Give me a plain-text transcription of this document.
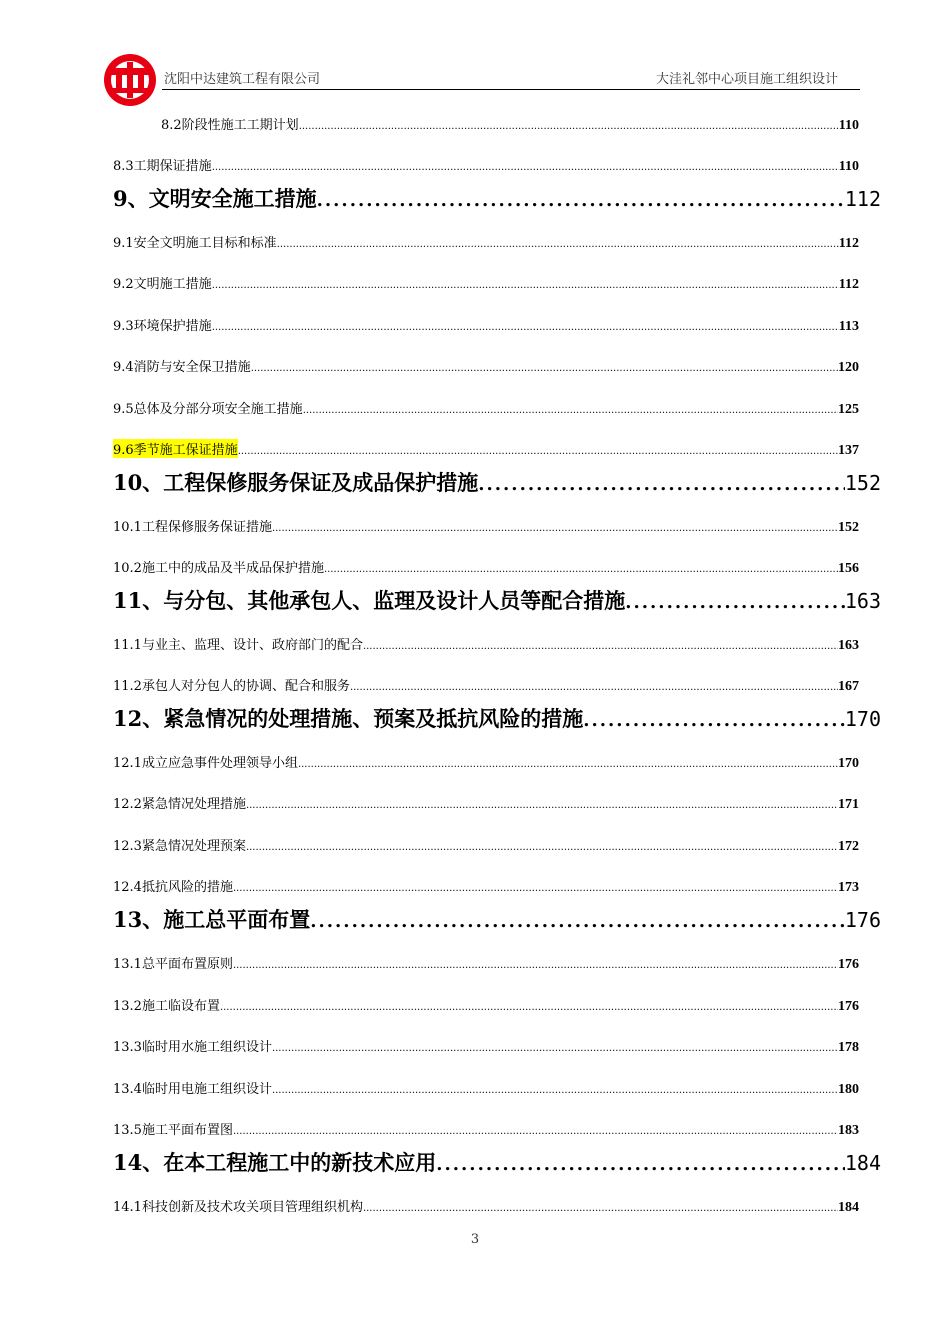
沈阳中达建筑工程有限公司	大洼礼邻中心项目施工组织设计
8.2阶段性施工工期计划 .....	110
8.3工期保证措施 .....	110
9、文明安全施工措施 .....	112
9.1安全文明施工目标和标准 .....	112
9.2文明施工措施 .....	112
9.3环境保护措施 .....	113
9.4消防与安全保卫措施 .....	120
9.5总体及分部分项安全施工措施 .....	125
9.6季节施工保证措施 .....	137
10、工程保修服务保证及成品保护措施 .....	152
10.1工程保修服务保证措施 .....	152
10.2施工中的成品及半成品保护措施 .....	156
11、与分包、其他承包人、监理及设计人员等配合措施 .....	163
11.1与业主、监理、设计、政府部门的配合 .....	163
11.2承包人对分包人的协调、配合和服务 .....	167
12、紧急情况的处理措施、预案及抵抗风险的措施 .....	170
12.1成立应急事件处理领导小组 .....	170
12.2紧急情况处理措施 .....	171
12.3紧急情况处理预案 .....	172
12.4抵抗风险的措施 .....	173
13、施工总平面布置 .....	176
13.1总平面布置原则 .....	176
13.2施工临设布置 .....	176
13.3临时用水施工组织设计 .....	178
13.4临时用电施工组织设计 .....	180
13.5施工平面布置图 .....	183
14、在本工程施工中的新技术应用 .....	184
14.1科技创新及技术攻关项目管理组织机构 .....	184
3
